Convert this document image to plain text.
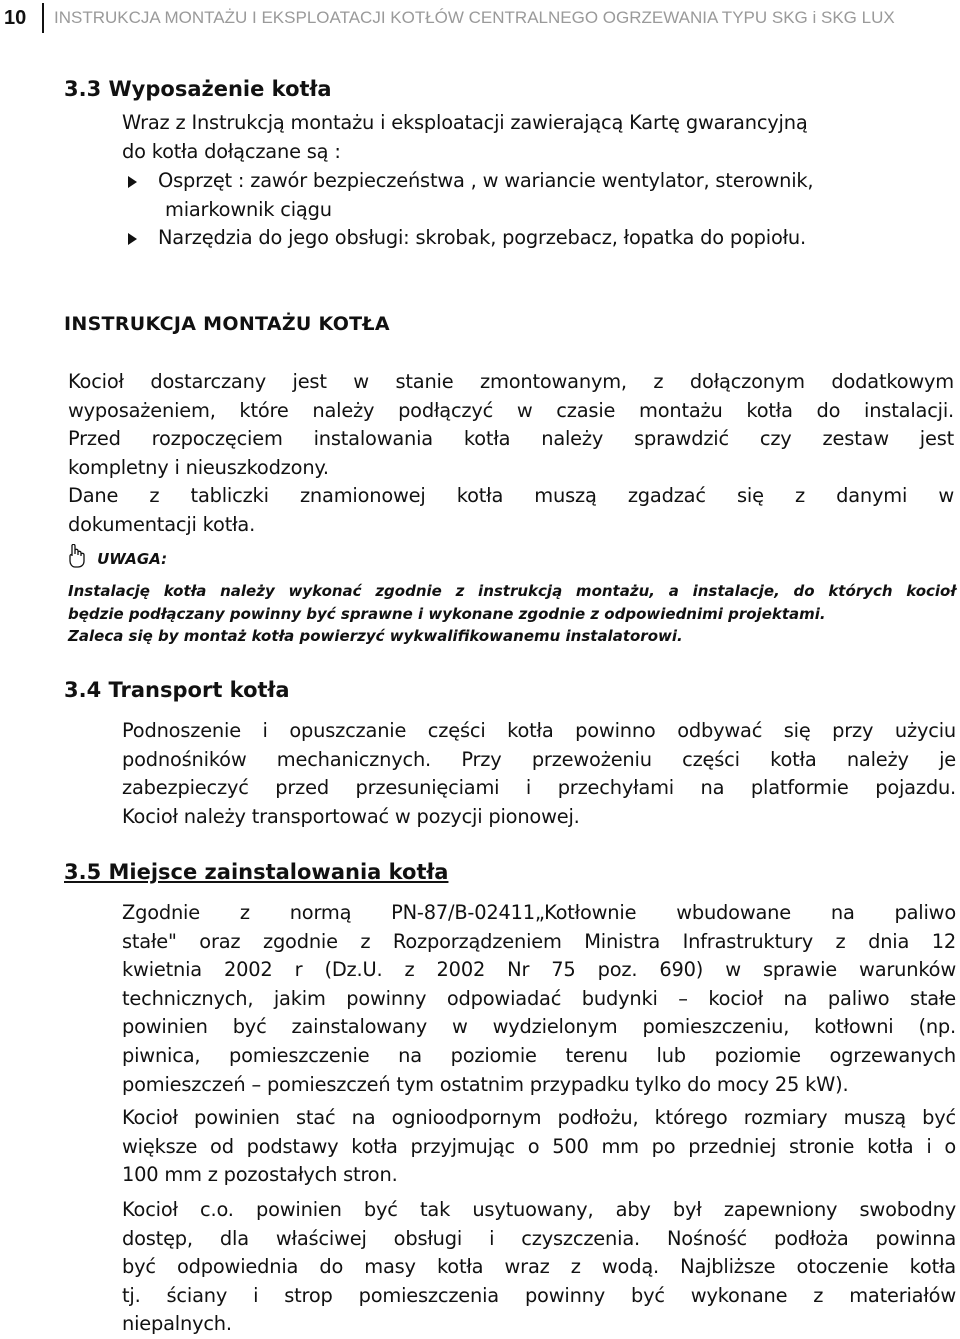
10	INSTRUKCJA MONTAŻU I EKSPLOATACJI KOTŁÓW CENTRALNEGO OGRZEWANIA TYPU SKG i SKG LUX
3.3 Wyposażenie kotła
Wraz z Instrukcją montażu i eksploatacji zawierającą Kartę gwarancyjną
do kotła dołączane są :
Osprzęt : zawór bezpieczeństwa , w wariancie wentylator, sterownik,
miarkownik ciągu
Narzędzia do jego obsługi: skrobak, pogrzebacz, łopatka do popiołu.
INSTRUKCJA MONTAŻU KOTŁA
Kocioł dostarczany jest w stanie zmontowanym, z dołączonym dodatkowym
wyposażeniem, które należy podłączyć w czasie montażu kotła do instalacji.
Przed rozpoczęciem instalowania kotła należy sprawdzić czy zestaw jest
kompletny i nieuszkodzony.
Dane z tabliczki znamionowej kotła muszą zgadzać się z danymi w
dokumentacji kotła.
UWAGA:
Instalację kotła należy wykonać zgodnie z instrukcją montażu, a instalacje, do których kocioł
będzie podłączany powinny być sprawne i wykonane zgodnie z odpowiednimi projektami.
Zaleca się by montaż kotła powierzyć wykwalifikowanemu instalatorowi.
3.4 Transport kotła
Podnoszenie i opuszczanie części kotła powinno odbywać się przy użyciu
podnośników mechanicznych. Przy przewożeniu części kotła należy je
zabezpieczyć przed przesunięciami i przechyłami na platformie pojazdu.
Kocioł należy transportować w pozycji pionowej.
3.5 Miejsce zainstalowania kotła
Zgodnie z normą PN-87/B-02411„Kotłownie wbudowane na paliwo
stałe" oraz zgodnie z Rozporządzeniem Ministra Infrastruktury z dnia 12
kwietnia 2002 r (Dz.U. z 2002 Nr 75 poz. 690) w sprawie warunków
technicznych, jakim powinny odpowiadać budynki – kocioł na paliwo stałe
powinien być zainstalowany w wydzielonym pomieszczeniu, kotłowni (np.
piwnica, pomieszczenie na poziomie terenu lub poziomie ogrzewanych
pomieszczeń – pomieszczeń tym ostatnim przypadku tylko do mocy 25 kW).
Kocioł powinien stać na ognioodpornym podłożu, którego rozmiary muszą być
większe od podstawy kotła przyjmując o 500 mm po przedniej stronie kotła i o
100 mm z pozostałych stron.
Kocioł c.o. powinien być tak usytuowany, aby był zapewniony swobodny
dostęp, dla właściwej obsługi i czyszczenia. Nośność podłoża powinna
być odpowiednia do masy kotła wraz z wodą. Najbliższe otoczenie kotła
tj. ściany i strop pomieszczenia powinny być wykonane z materiałów
niepalnych.
